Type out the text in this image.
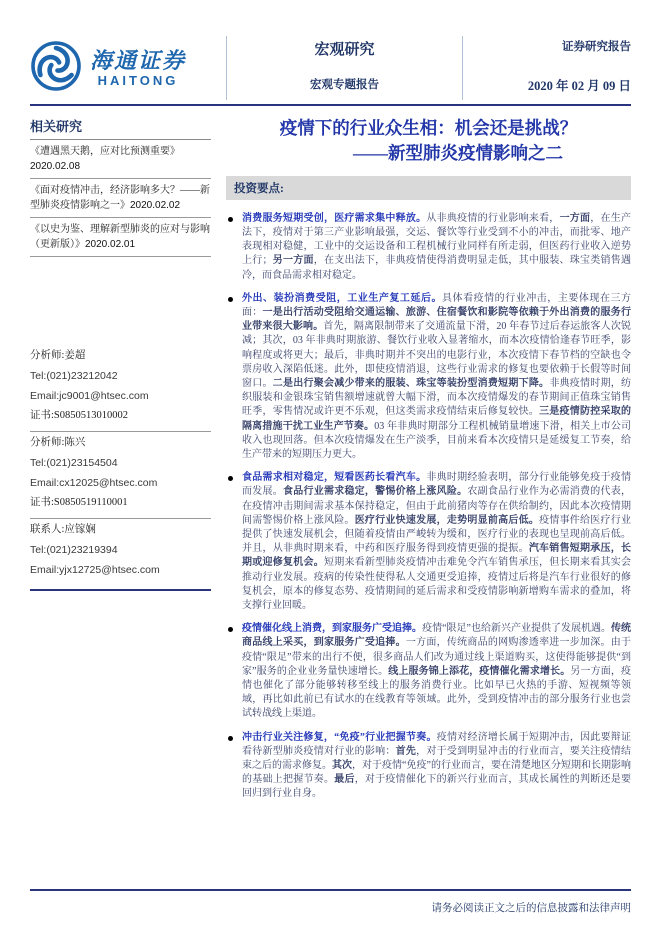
海通证券
HAITONG
宏观研究
宏观专题报告
证券研究报告
2020 年 02 月 09 日
相关研究
《遭遇黑天鹅，应对比预测重要》2020.02.08
《面对疫情冲击，经济影响多大？——新型肺炎疫情影响之一》2020.02.02
《以史为鉴、理解新型肺炎的应对与影响（更新版）》2020.02.01
分析师:姜超
Tel:(021)23212042
Email:jc9001@htsec.com
证书:S0850513010002
分析师:陈兴
Tel:(021)23154504
Email:cx12025@htsec.com
证书:S0850519110001
联系人:应镓娴
Tel:(021)23219394
Email:yjx12725@htsec.com
疫情下的行业众生相：机会还是挑战？
——新型肺炎疫情影响之二
投资要点:

消费服务短期受创，医疗需求集中释放。从非典疫情的行业影响来看，一方面，在生产法下，疫情对于第三产业影响最强，交运、餐饮等行业受到不小的冲击，而批零、地产表现相对稳健，工业中的交运设备和工程机械行业同样有所走弱，但医药行业收入逆势上行；另一方面，在支出法下，非典疫情使得消费明显走低，其中服装、珠宝类销售遇冷，而食品需求相对稳定。

外出、装扮消费受阻，工业生产复工延后。具体看疫情的行业冲击，主要体现在三方面：一是出行活动受阻给交通运输、旅游、住宿餐饮和影院等依赖于外出消费的服务行业带来很大影响。首先，隔离限制带来了交通流量下滑，20 年春节过后春运旅客人次锐减；其次，03 年非典时期旅游、餐饮行业收入显著缩水，而本次疫情恰逢春节旺季，影响程度或将更大；最后，非典时期并不突出的电影行业，本次疫情下春节档的空缺也令票房收入深陷低迷。此外，即使疫情消退，这些行业需求的修复也要依赖于长假等时间窗口。二是出行聚会减少带来的服装、珠宝等装扮型消费短期下降。非典疫情时期，纺织服装和金银珠宝销售额增速就曾大幅下滑，而本次疫情爆发的春节期间正值珠宝销售旺季，零售情况或许更不乐观，但这类需求疫情结束后修复较快。三是疫情防控采取的隔离措施干扰工业生产节奏。03 年非典时期部分工程机械销量增速下滑，相关上市公司收入也现回落。但本次疫情爆发在生产淡季，目前来看本次疫情只是延缓复工节奏，给生产带来的短期压力更大。

食品需求相对稳定，短看医药长看汽车。非典时期经验表明，部分行业能够免疫于疫情而发展。食品行业需求稳定，警惕价格上涨风险。农副食品行业作为必需消费的代表，在疫情冲击期间需求基本保持稳定，但由于此前猪肉等存在供给制约，因此本次疫情期间需警惕价格上涨风险。医疗行业快速发展，走势明显前高后低。疫情事件给医疗行业提供了快速发展机会，但随着疫情由严峻转为缓和，医疗行业的表现也呈现前高后低。并且，从非典时期来看，中药和医疗服务得到疫情更强的提振。汽车销售短期承压，长期或迎修复机会。短期来看新型肺炎疫情冲击难免令汽车销售承压，但长期来看其实会推动行业发展。疫病的传染性使得私人交通更受追捧，疫情过后将是汽车行业很好的修复机会，原本的修复态势、疫情期间的延后需求和受疫情影响新增购车需求的叠加，将支撑行业回暖。

疫情催化线上消费，到家服务广受追捧。疫情“限足”也给新兴产业提供了发展机遇。传统商品线上采买，到家服务广受追捧。一方面，传统商品的网购渗透率进一步加深。由于疫情“限足”带来的出行不便，很多商品人们改为通过线上渠道购买，这使得能够提供“到家”服务的企业业务量快速增长。线上服务锦上添花，疫情催化需求增长。另一方面，疫情也催化了部分能够转移至线上的服务消费行业。比如早已火热的手游、短视频等领域，再比如此前已有试水的在线教育等领域。此外，受到疫情冲击的部分服务行业也尝试转战线上渠道。

冲击行业关注修复，“免疫”行业把握节奏。疫情对经济增长属于短期冲击，因此要辩证看待新型肺炎疫情对行业的影响：首先，对于受到明显冲击的行业而言，要关注疫情结束之后的需求修复。其次，对于疫情“免疫”的行业而言，要在清楚地区分短期和长期影响的基础上把握节奏。最后，对于疫情催化下的新兴行业而言，其成长属性的判断还是要回归到行业自身。

请务必阅读正文之后的信息披露和法律声明
